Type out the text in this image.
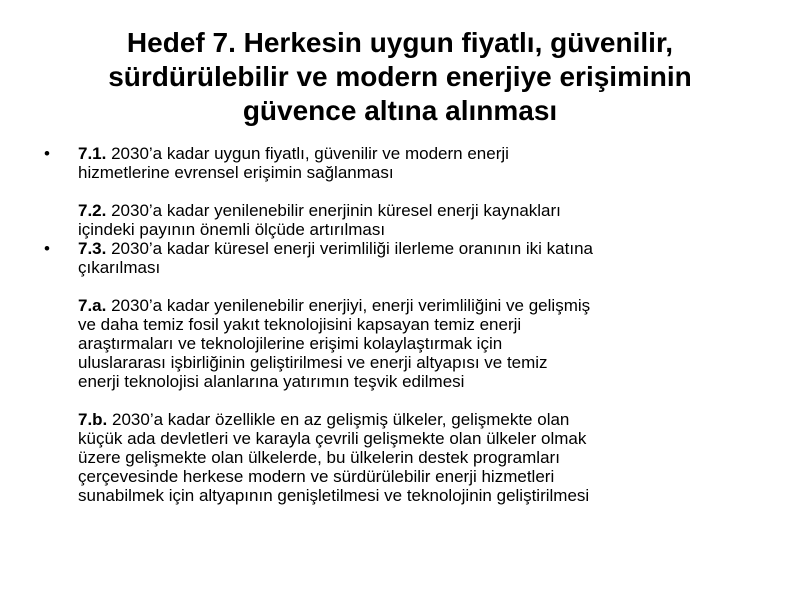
Hedef 7. Herkesin uygun fiyatlı, güvenilir,
sürdürülebilir ve modern enerjiye erişiminin
güvence altına alınması
• 7.1. 2030’a kadar uygun fiyatlı, güvenilir ve modern enerji
hizmetlerine evrensel erişimin sağlanması

7.2. 2030’a kadar yenilenebilir enerjinin küresel enerji kaynakları
içindeki payının önemli ölçüde artırılması

• 7.3. 2030’a kadar küresel enerji verimliliği ilerleme oranının iki katına
çıkarılması

7.a. 2030’a kadar yenilenebilir enerjiyi, enerji verimliliğini ve gelişmiş
ve daha temiz fosil yakıt teknolojisini kapsayan temiz enerji
araştırmaları ve teknolojilerine erişimi kolaylaştırmak için
uluslararası işbirliğinin geliştirilmesi ve enerji altyapısı ve temiz
enerji teknolojisi alanlarına yatırımın teşvik edilmesi

7.b. 2030’a kadar özellikle en az gelişmiş ülkeler, gelişmekte olan
küçük ada devletleri ve karayla çevrili gelişmekte olan ülkeler olmak
üzere gelişmekte olan ülkelerde, bu ülkelerin destek programları
çerçevesinde herkese modern ve sürdürülebilir enerji hizmetleri
sunabilmek için altyapının genişletilmesi ve teknolojinin geliştirilmesi
